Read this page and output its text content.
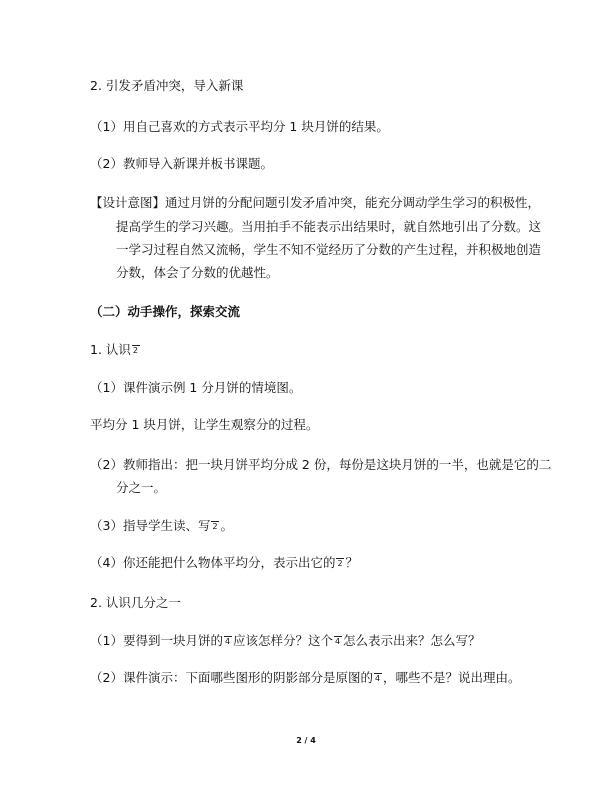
2. 引发矛盾冲突，导入新课
（1）用自己喜欢的方式表示平均分 1 块月饼的结果。
（2）教师导入新课并板书课题。
【设计意图】通过月饼的分配问题引发矛盾冲突，能充分调动学生学习的积极性，
提高学生的学习兴趣。当用拍手不能表示出结果时，就自然地引出了分数。这
一学习过程自然又流畅，学生不知不觉经历了分数的产生过程，并积极地创造
分数，体会了分数的优越性。
（二）动手操作，探索交流
1. 认识 2
（1）课件演示例 1 分月饼的情境图。
平均分 1 块月饼，让学生观察分的过程。
（2）教师指出：把一块月饼平均分成 2 份，每份是这块月饼的一半，也就是它的二
分之一。
（3）指导学生读、写 2 。
（4）你还能把什么物体平均分，表示出它的 2 ？
2. 认识几分之一
（1）要得到一块月饼的 4 应该怎样分？这个 4 怎么表示出来？怎么写？
（2）课件演示：下面哪些图形的阴影部分是原图的 4 ，哪些不是？说出理由。
2 / 4
